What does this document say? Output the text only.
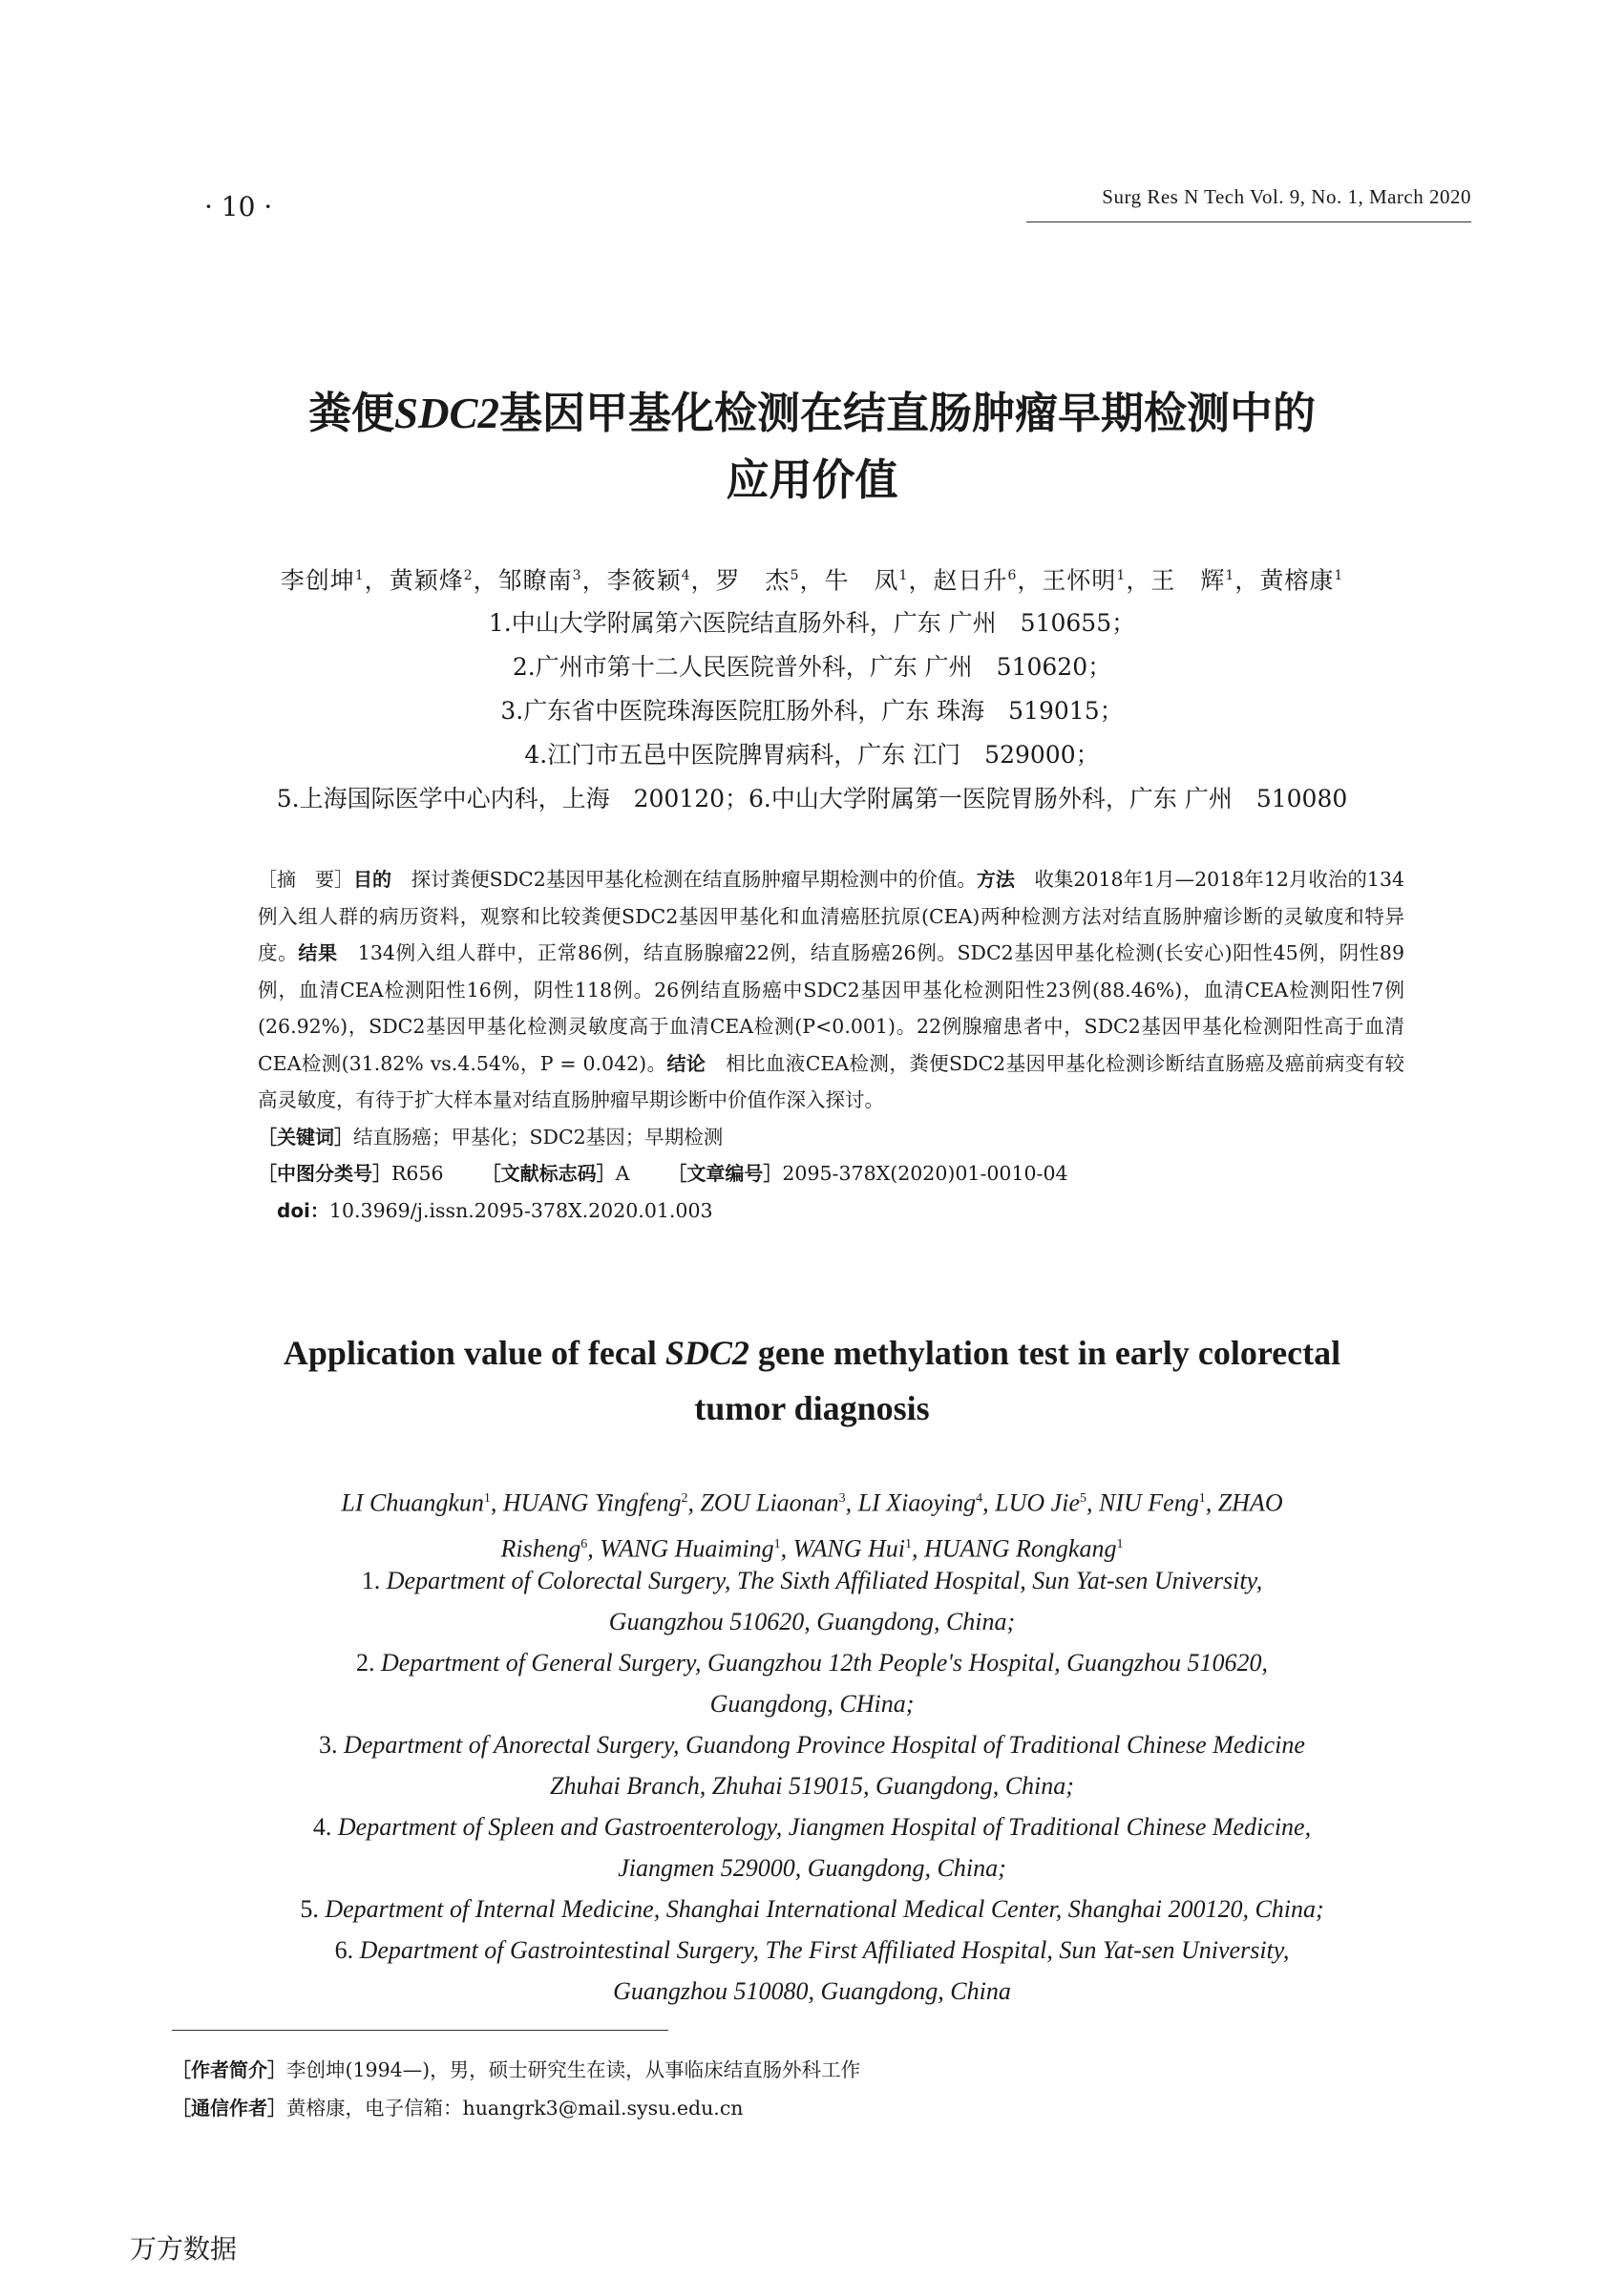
· 10 ·	Surg Res N Tech Vol. 9, No. 1, March 2020
粪便SDC2基因甲基化检测在结直肠肿瘤早期检测中的
应用价值
李创坤$^1$，黄颖烽$^2$，邹瞭南$^3$，李筱颖$^4$，罗　杰$^5$，牛　凤$^1$，赵日升$^6$，王怀明$^1$，王　辉$^1$，黄榕康$^1$
1.中山大学附属第六医院结直肠外科，广东 广州　510655；
2.广州市第十二人民医院普外科，广东 广州　510620；
3.广东省中医院珠海医院肛肠外科，广东 珠海　519015；
4.江门市五邑中医院脾胃病科，广东 江门　529000；
5.上海国际医学中心内科，上海　200120；6.中山大学附属第一医院胃肠外科，广东 广州　510080

［摘　要］目的　 探讨粪便SDC2基因甲基化检测在结直肠肿瘤早期检测中的价值。方法　 收集2018年1月—2018年12月收治的134例入组人群的病历资料，观察和比较粪便SDC2基因甲基化和血清癌胚抗原(CEA)两种检测方法对结直肠肿瘤诊断的灵敏度和特异度。结果　 134例入组人群中，正常86例，结直肠腺瘤22例，结直肠癌26例。SDC2基因甲基化检测(长安心)阳性45例，阴性89例，血清CEA检测阳性16例，阴性118例。26例结直肠癌中SDC2基因甲基化检测阳性23例(88.46%)，血清CEA检测阳性7例(26.92%)，SDC2基因甲基化检测灵敏度高于血清CEA检测(P<0.001)。22例腺瘤患者中，SDC2基因甲基化检测阳性高于血清CEA检测(31.82% vs.4.54%，P = 0.042)。结论　 相比血液CEA检测，粪便SDC2基因甲基化检测诊断结直肠癌及癌前病变有较高灵敏度，有待于扩大样本量对结直肠肿瘤早期诊断中价值作深入探讨。

［关键词］结直肠癌；甲基化；SDC2基因；早期检测

［中图分类号］R656 ［文献标志码］A ［文章编号］2095-378X(2020)01-0010-04

doi：10.3969/j.issn.2095-378X.2020.01.003

Application value of fecal SDC2 gene methylation test in early colorectal
tumor diagnosis
LI Chuangkun$^1$, HUANG Yingfeng$^2$, ZOU Liaonan$^3$, LI Xiaoying$^4$, LUO Jie$^5$, NIU Feng$^1$, ZHAO
Risheng$^6$, WANG Huaiming$^1$, WANG Hui$^1$, HUANG Rongkang$^1$
1. Department of Colorectal Surgery, The Sixth Affiliated Hospital, Sun Yat-sen University,
Guangzhou 510620, Guangdong, China;
2. Department of General Surgery, Guangzhou 12th People's Hospital, Guangzhou 510620,
Guangdong, CHina;
3. Department of Anorectal Surgery, Guandong Province Hospital of Traditional Chinese Medicine
Zhuhai Branch, Zhuhai 519015, Guangdong, China;
4. Department of Spleen and Gastroenterology, Jiangmen Hospital of Traditional Chinese Medicine,
Jiangmen 529000, Guangdong, China;
5. Department of Internal Medicine, Shanghai International Medical Center, Shanghai 200120, China;
6. Department of Gastrointestinal Surgery, The First Affiliated Hospital, Sun Yat-sen University,
Guangzhou 510080, Guangdong, China
［作者简介］李创坤(1994—)，男，硕士研究生在读，从事临床结直肠外科工作
［通信作者］黄榕康，电子信箱：huangrk3@mail.sysu.edu.cn
万方数据
